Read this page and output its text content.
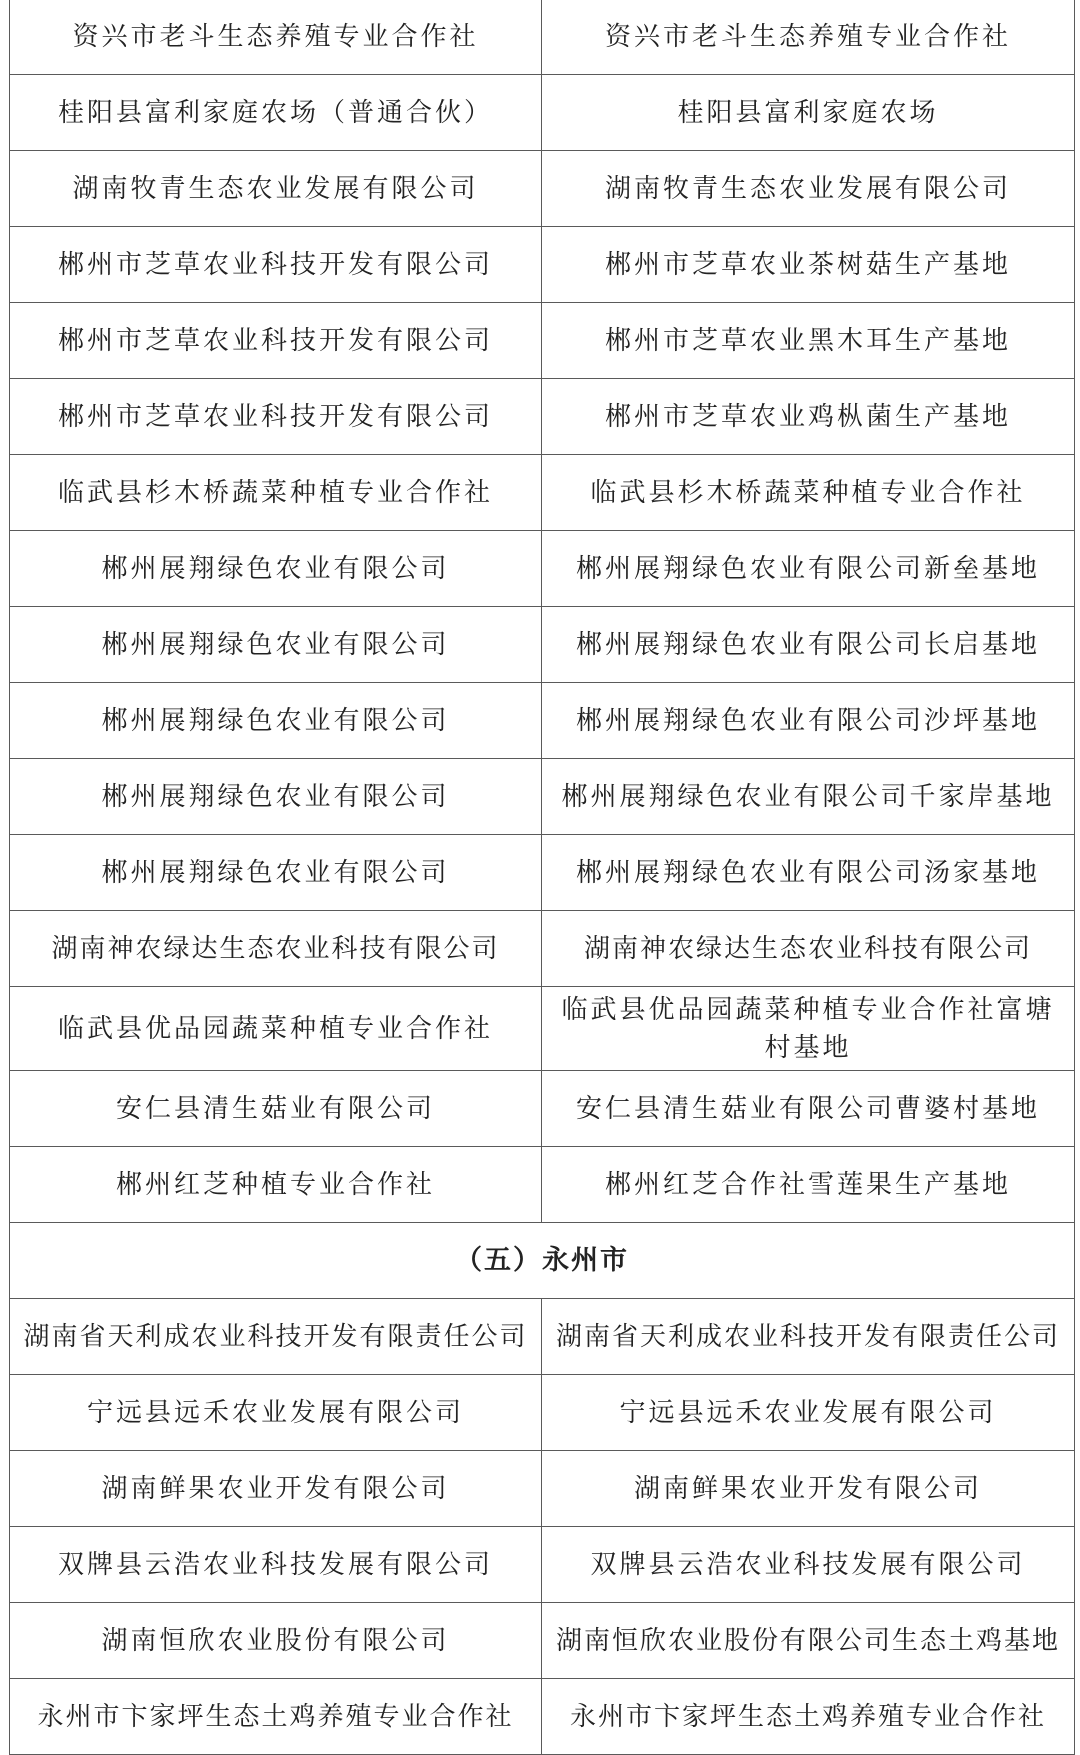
资兴市老斗生态养殖专业合作社	资兴市老斗生态养殖专业合作社
桂阳县富利家庭农场（普通合伙）	桂阳县富利家庭农场
湖南牧青生态农业发展有限公司	湖南牧青生态农业发展有限公司
郴州市芝草农业科技开发有限公司	郴州市芝草农业茶树菇生产基地
郴州市芝草农业科技开发有限公司	郴州市芝草农业黑木耳生产基地
郴州市芝草农业科技开发有限公司	郴州市芝草农业鸡枞菌生产基地
临武县杉木桥蔬菜种植专业合作社	临武县杉木桥蔬菜种植专业合作社
郴州展翔绿色农业有限公司	郴州展翔绿色农业有限公司新垒基地
郴州展翔绿色农业有限公司	郴州展翔绿色农业有限公司长启基地
郴州展翔绿色农业有限公司	郴州展翔绿色农业有限公司沙坪基地
郴州展翔绿色农业有限公司	郴州展翔绿色农业有限公司千家岸基地
郴州展翔绿色农业有限公司	郴州展翔绿色农业有限公司汤家基地
湖南神农绿达生态农业科技有限公司	湖南神农绿达生态农业科技有限公司
临武县优品园蔬菜种植专业合作社	临武县优品园蔬菜种植专业合作社富塘村基地
安仁县清生菇业有限公司	安仁县清生菇业有限公司曹婆村基地
郴州红芝种植专业合作社	郴州红芝合作社雪莲果生产基地
（五）永州市	
湖南省天利成农业科技开发有限责任公司	湖南省天利成农业科技开发有限责任公司
宁远县远禾农业发展有限公司	宁远县远禾农业发展有限公司
湖南鲜果农业开发有限公司	湖南鲜果农业开发有限公司
双牌县云浩农业科技发展有限公司	双牌县云浩农业科技发展有限公司
湖南恒欣农业股份有限公司	湖南恒欣农业股份有限公司生态土鸡基地
永州市卞家坪生态土鸡养殖专业合作社	永州市卞家坪生态土鸡养殖专业合作社
